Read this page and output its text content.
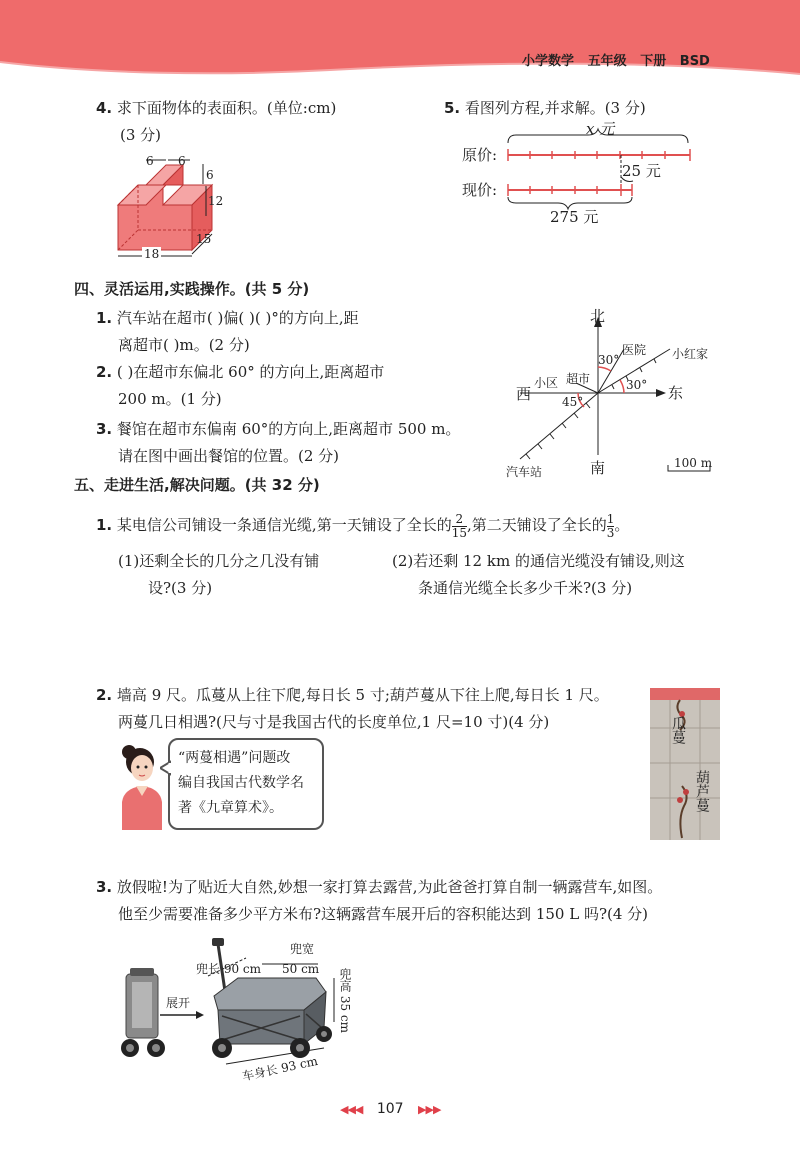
小学数学 五年级 下册 BSD
4. 求下面物体的表面积。(单位:cm)
(3 分)
6 6
6
12
18
15
5. 看图列方程,并求解。(3 分)
x 元
原价:
现价:
25 元
275 元
四、灵活运用,实践操作。(共 5 分)
1. 汽车站在超市( )偏( )( )°的方向上,距
离超市( )m。(2 分)
2. ( )在超市东偏北 60° 的方向上,距离超市
200 m。(1 分)
3. 餐馆在超市东偏南 60°的方向上,距离超市 500 m。
请在图中画出餐馆的位置。(2 分)
北
南
东
西
医院 小红家
小区 超市
汽车站
30°
30°
45°
100 m
五、走进生活,解决问题。(共 32 分)
1. 某电信公司铺设一条通信光缆,第一天铺设了全长的 $\frac{2}{15}$ ,第二天铺设了全长的 $\frac{1}{3}$ 。
(1)还剩全长的几分之几没有铺
设?(3 分)
(2)若还剩 12 km 的通信光缆没有铺设,则这
条通信光缆全长多少千米?(3 分)
2. 墙高 9 尺。瓜蔓从上往下爬,每日长 5 寸;葫芦蔓从下往上爬,每日长 1 尺。
两蔓几日相遇?(尺与寸是我国古代的长度单位,1 尺=10 寸)(4 分)
“两蔓相遇”问题改
编自我国古代数学名
著《九章算术》。
瓜蔓
葫芦蔓
3. 放假啦!为了贴近大自然,妙想一家打算去露营,为此爸爸打算自制一辆露营车,如图。
他至少需要准备多少平方米布?这辆露营车展开后的容积能达到 150 L 吗?(4 分)
展开
兜宽
兜长 90 cm 50 cm	兜高 35 cm
车身长 93 cm
◀◀◀ 107 ▶▶▶
